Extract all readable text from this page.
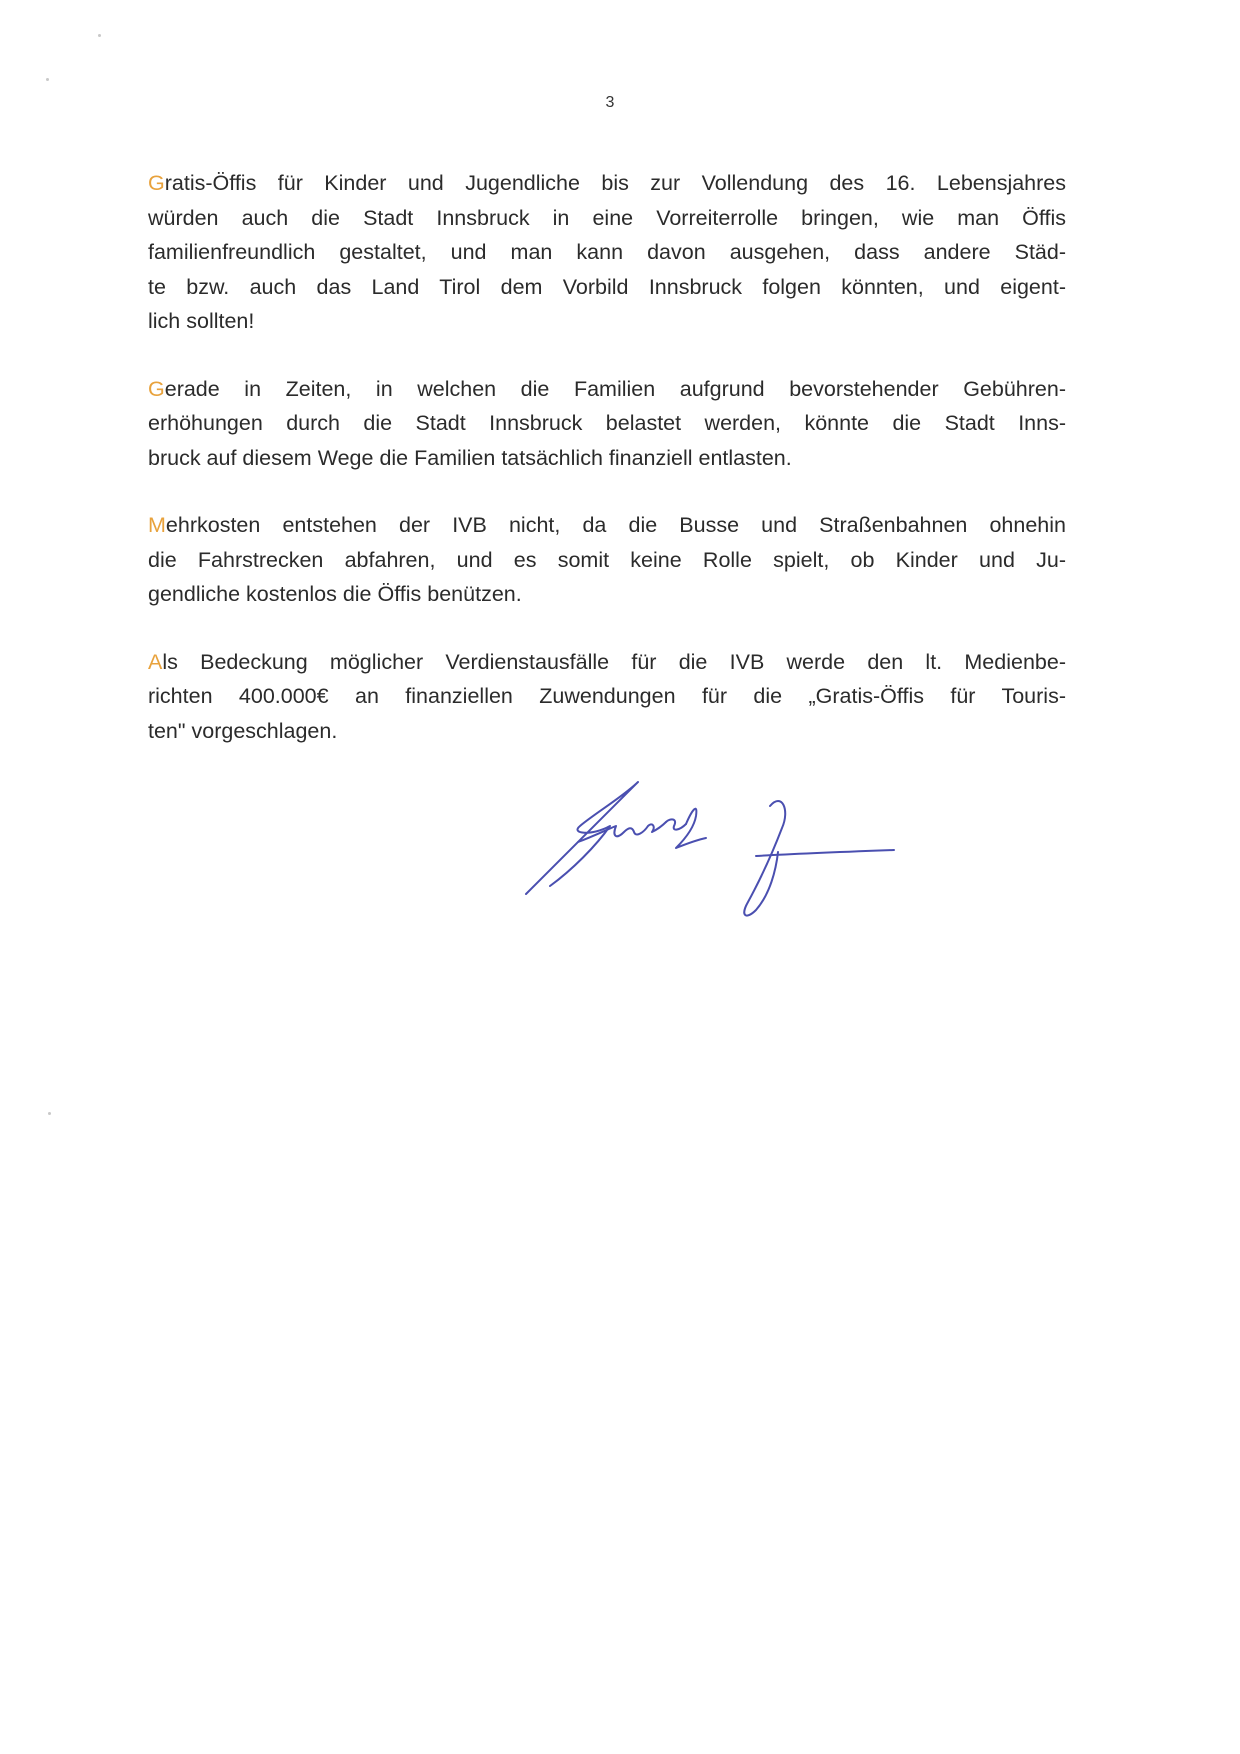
3

Gratis-Öffis für Kinder und Jugendliche bis zur Vollendung des 16. Lebensjahres
würden auch die Stadt Innsbruck in eine Vorreiterrolle bringen, wie man Öffis
familienfreundlich gestaltet, und man kann davon ausgehen, dass andere Städ-
te bzw. auch das Land Tirol dem Vorbild Innsbruck folgen könnten, und eigent-
lich sollten!

Gerade in Zeiten, in welchen die Familien aufgrund bevorstehender Gebühren-
erhöhungen durch die Stadt Innsbruck belastet werden, könnte die Stadt Inns-
bruck auf diesem Wege die Familien tatsächlich finanziell entlasten.

Mehrkosten entstehen der IVB nicht, da die Busse und Straßenbahnen ohnehin
die Fahrstrecken abfahren, und es somit keine Rolle spielt, ob Kinder und Ju-
gendliche kostenlos die Öffis benützen.

Als Bedeckung möglicher Verdienstausfälle für die IVB werde den lt. Medienbe-
richten 400.000€ an finanziellen Zuwendungen für die „Gratis-Öffis für Touris-
ten" vorgeschlagen.
